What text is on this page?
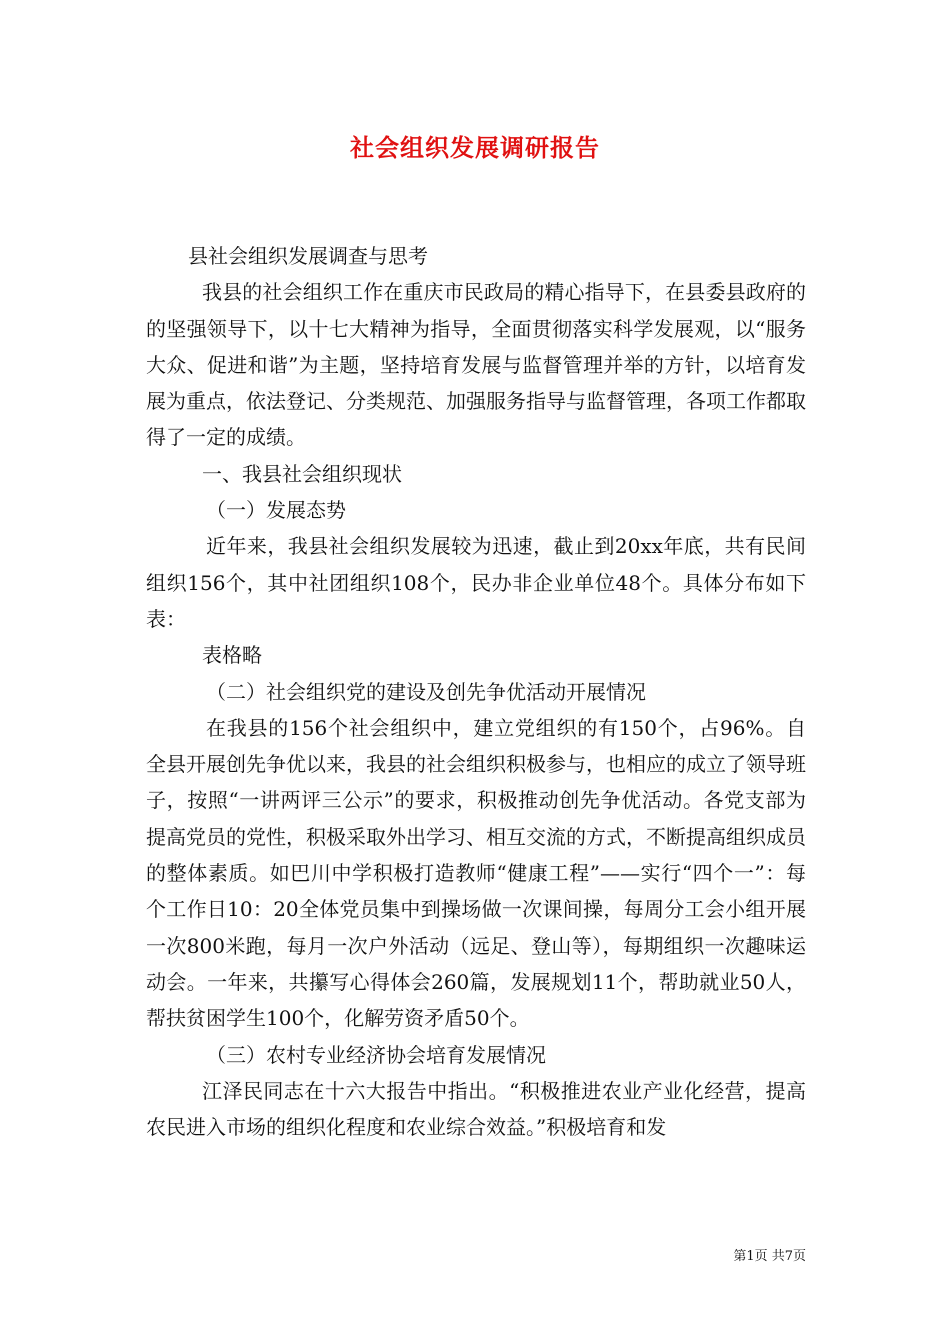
社会组织发展调研报告

县社会组织发展调查与思考

我县的社会组织工作在重庆市民政局的精心指导下，在县委县政府的的坚强领导下，以十七大精神为指导，全面贯彻落实科学发展观，以“服务大众、促进和谐”为主题，坚持培育发展与监督管理并举的方针，以培育发展为重点，依法登记、分类规范、加强服务指导与监督管理，各项工作都取得了一定的成绩。

一、我县社会组织现状

（一）发展态势

近年来，我县社会组织发展较为迅速，截止到20xx年底，共有民间组织156个，其中社团组织108个，民办非企业单位48个。具体分布如下表：

表格略

（二）社会组织党的建设及创先争优活动开展情况

在我县的156个社会组织中，建立党组织的有150个，占96%。自全县开展创先争优以来，我县的社会组织积极参与，也相应的成立了领导班子，按照“一讲两评三公示”的要求，积极推动创先争优活动。各党支部为提高党员的党性，积极采取外出学习、相互交流的方式，不断提高组织成员的整体素质。如巴川中学积极打造教师“健康工程”——实行“四个一”：每个工作日10：20全体党员集中到操场做一次课间操，每周分工会小组开展一次800米跑，每月一次户外活动（远足、登山等），每期组织一次趣味运动会。一年来，共攥写心得体会260篇，发展规划11个，帮助就业50人，帮扶贫困学生100个，化解劳资矛盾50个。

（三）农村专业经济协会培育发展情况

江泽民同志在十六大报告中指出。“积极推进农业产业化经营，提高农民进入市场的组织化程度和农业综合效益。”积极培育和发

第1页 共7页
